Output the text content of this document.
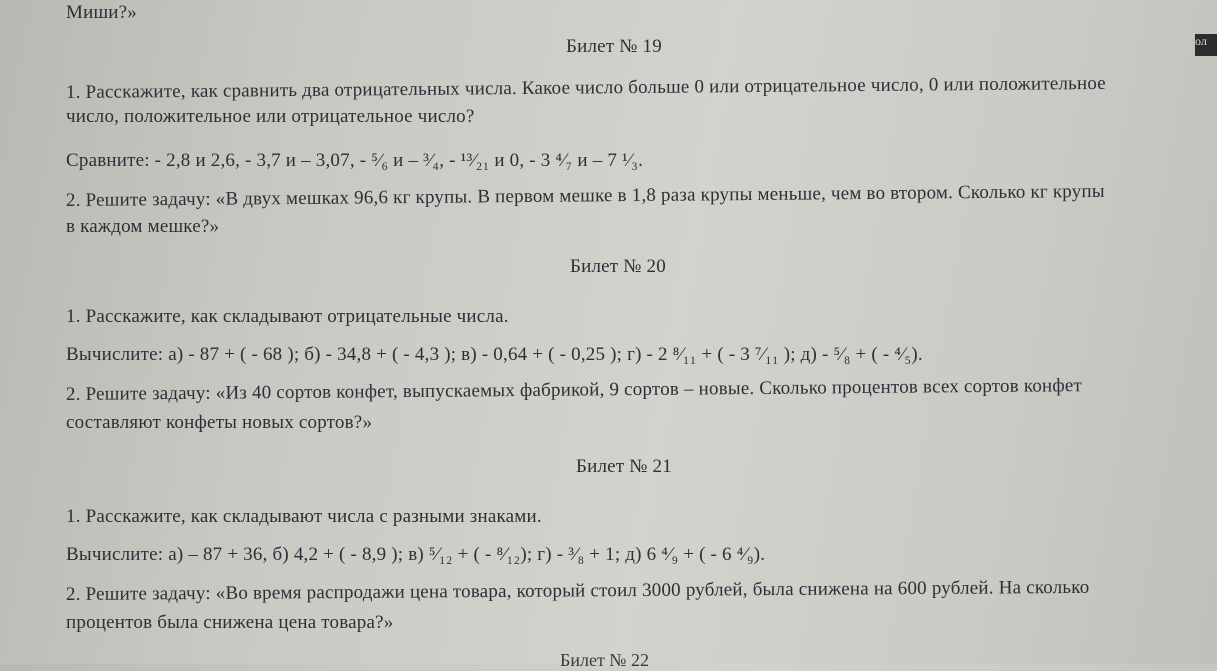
Миши?»
ол
Билет № 19
1. Расскажите, как сравнить два отрицательных числа. Какое число больше 0 или отрицательное число, 0 или положительное
число, положительное или отрицательное число?
Сравните: - 2,8 и 2,6, - 3,7 и – 3,07, - ⁵⁄₆ и – ³⁄₄, - ¹³⁄₂₁ и 0, - 3 ⁴⁄₇ и – 7 ¹⁄₃.
2. Решите задачу: «В двух мешках 96,6 кг крупы. В первом мешке в 1,8 раза крупы меньше, чем во втором. Сколько кг крупы
в каждом мешке?»
Билет № 20
1. Расскажите, как складывают отрицательные числа.
Вычислите: а) - 87 + ( - 68 ); б) - 34,8 + ( - 4,3 ); в) - 0,64 + ( - 0,25 ); г) - 2 ⁸⁄₁₁ + ( - 3 ⁷⁄₁₁ ); д) - ⁵⁄₈ + ( - ⁴⁄₅).
2. Решите задачу: «Из 40 сортов конфет, выпускаемых фабрикой, 9 сортов – новые. Сколько процентов всех сортов конфет
составляют конфеты новых сортов?»
Билет № 21
1. Расскажите, как складывают числа с разными знаками.
Вычислите: а) – 87 + 36, б) 4,2 + ( - 8,9 ); в) ⁵⁄₁₂ + ( - ⁸⁄₁₂); г) - ³⁄₈ + 1; д) 6 ⁴⁄₉ + ( - 6 ⁴⁄₉).
2. Решите задачу: «Во время распродажи цена товара, который стоил 3000 рублей, была снижена на 600 рублей. На сколько
процентов была снижена цена товара?»
Билет № 22
